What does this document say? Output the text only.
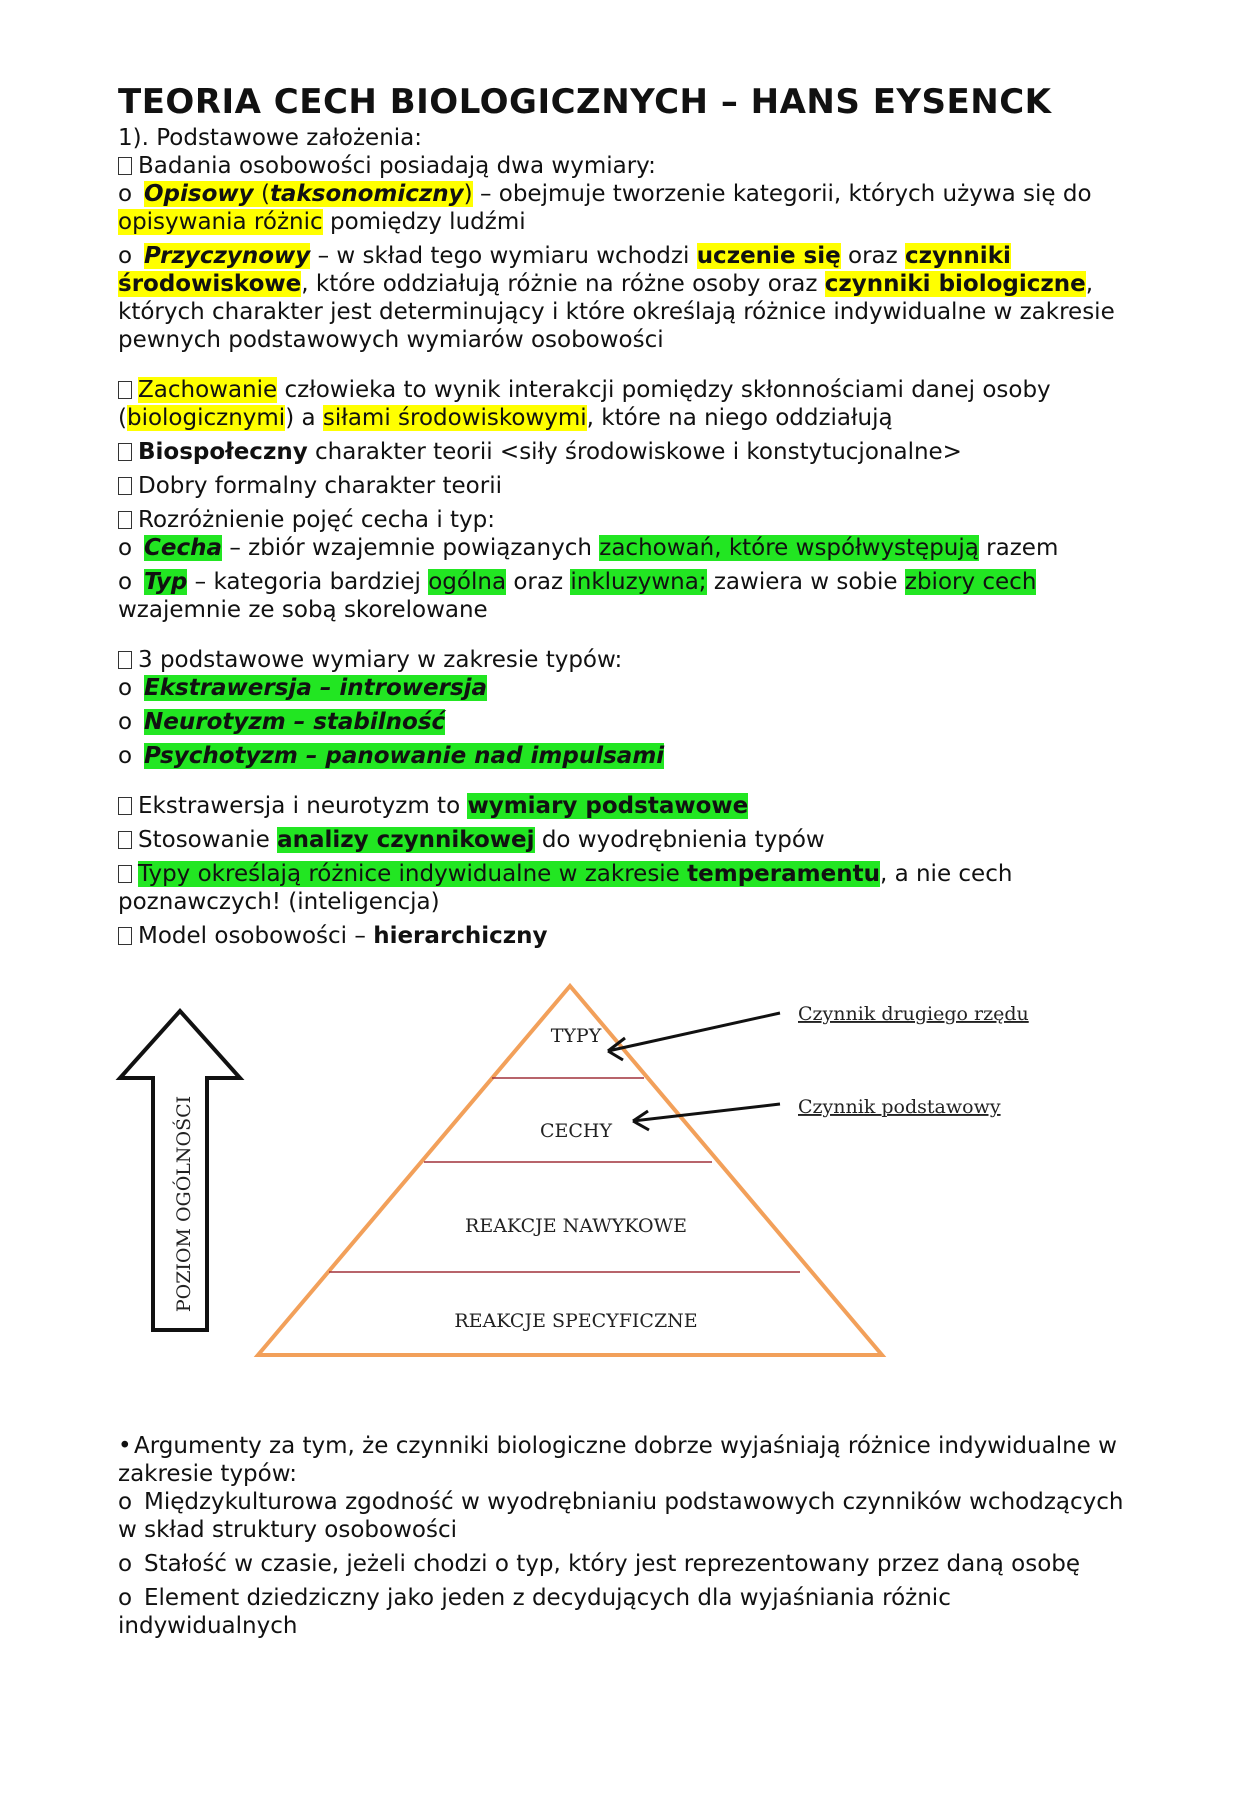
TEORIA CECH BIOLOGICZNYCH – HANS EYSENCK

1). Podstawowe założenia:

Badania osobowości posiadają dwa wymiary:

o Opisowy (taksonomiczny) – obejmuje tworzenie kategorii, których używa się do opisywania różnic pomiędzy ludźmi

o Przyczynowy – w skład tego wymiaru wchodzi uczenie się oraz czynniki środowiskowe, które oddziałują różnie na różne osoby oraz czynniki biologiczne, których charakter jest determinujący i które określają różnice indywidualne w zakresie pewnych podstawowych wymiarów osobowości

Zachowanie człowieka to wynik interakcji pomiędzy skłonnościami danej osoby (biologicznymi) a siłami środowiskowymi, które na niego oddziałują

Biospołeczny charakter teorii <siły środowiskowe i konstytucjonalne>

Dobry formalny charakter teorii

Rozróżnienie pojęć cecha i typ:

o Cecha – zbiór wzajemnie powiązanych zachowań, które współwystępują razem

o Typ – kategoria bardziej ogólna oraz inkluzywna; zawiera w sobie zbiory cech wzajemnie ze sobą skorelowane

3 podstawowe wymiary w zakresie typów:

o Ekstrawersja – introwersja

o Neurotyzm – stabilność

o Psychotyzm – panowanie nad impulsami

Ekstrawersja i neurotyzm to wymiary podstawowe

Stosowanie analizy czynnikowej do wyodrębnienia typów

Typy określają różnice indywidualne w zakresie temperamentu, a nie cech poznawczych! (inteligencja)

Model osobowości – hierarchiczny

POZIOM OGÓLNOŚCI
TYPY
CECHY
REAKCJE NAWYKOWE
REAKCJE SPECYFICZNE
Czynnik drugiego rzędu
Czynnik podstawowy

• Argumenty za tym, że czynniki biologiczne dobrze wyjaśniają różnice indywidualne w zakresie typów:

o Międzykulturowa zgodność w wyodrębnianiu podstawowych czynników wchodzących w skład struktury osobowości

o Stałość w czasie, jeżeli chodzi o typ, który jest reprezentowany przez daną osobę

o Element dziedziczny jako jeden z decydujących dla wyjaśniania różnic indywidualnych
